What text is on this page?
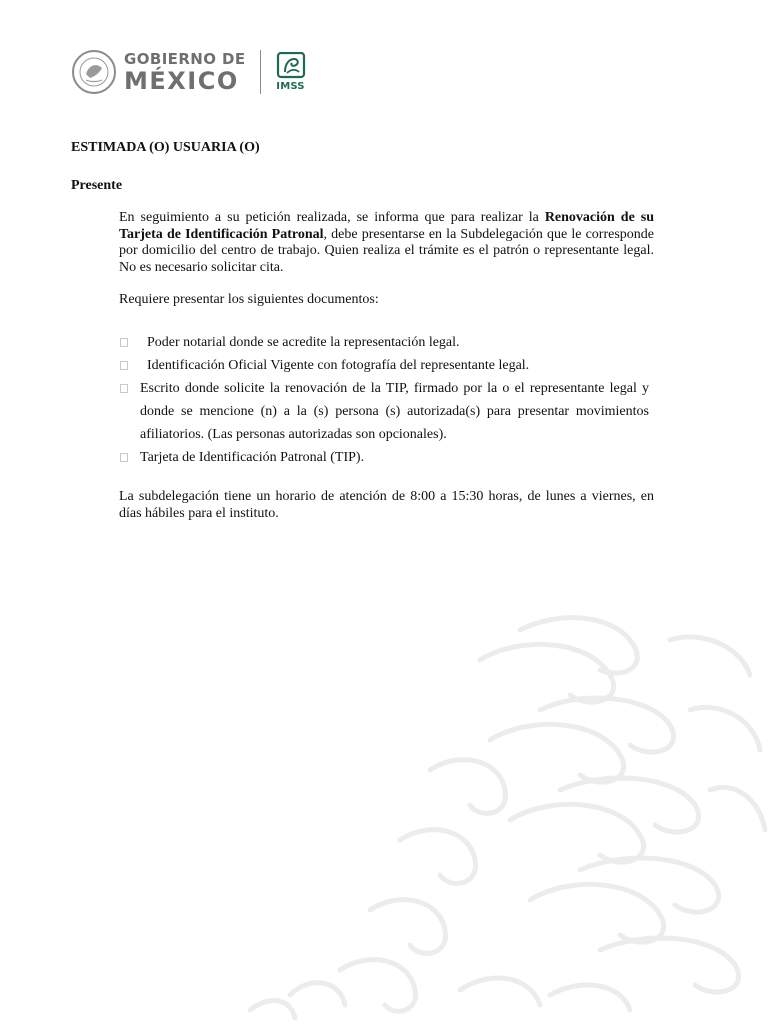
GOBIERNO DE
MÉXICO	IMSS
ESTIMADA (O) USUARIA (O)
Presente

En seguimiento a su petición realizada, se informa que para realizar la Renovación de su Tarjeta de Identificación Patronal, debe presentarse en la Subdelegación que le corresponde por domicilio del centro de trabajo. Quien realiza el trámite es el patrón o representante legal. No es necesario solicitar cita.

Requiere presentar los siguientes documentos:

Poder notarial donde se acredite la representación legal.
Identificación Oficial Vigente con fotografía del representante legal.
Escrito donde solicite la renovación de la TIP, firmado por la o el representante legal y donde se mencione (n) a la (s) persona (s) autorizada(s) para presentar movimientos afiliatorios. (Las personas autorizadas son opcionales).
Tarjeta de Identificación Patronal (TIP).

La subdelegación tiene un horario de atención de 8:00 a 15:30 horas, de lunes a viernes, en días hábiles para el instituto.
